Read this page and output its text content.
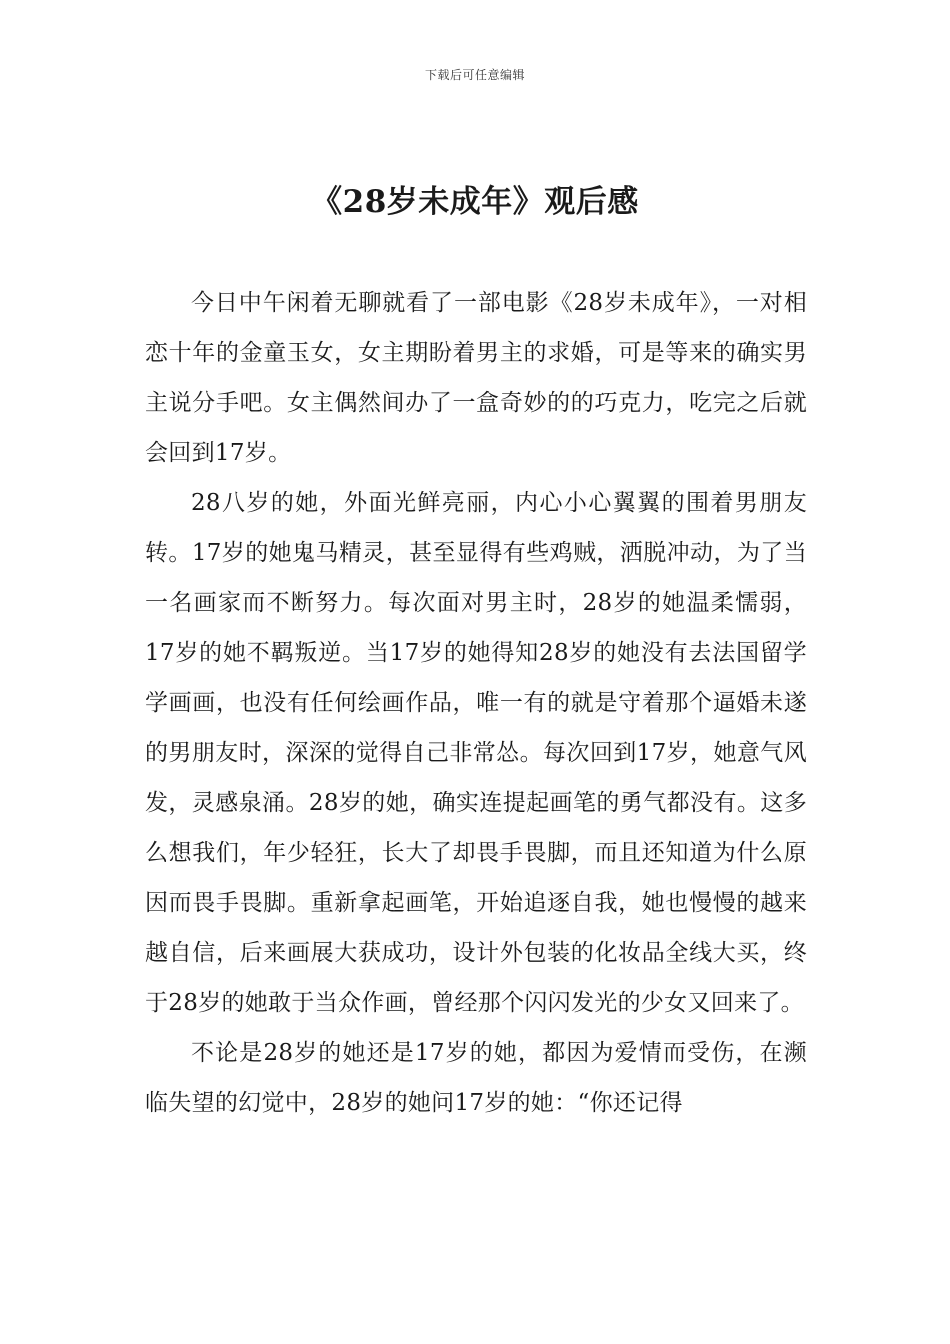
下载后可任意编辑
《28岁未成年》观后感

今日中午闲着无聊就看了一部电影《28岁未成年》，一对相恋十年的金童玉女，女主期盼着男主的求婚，可是等来的确实男主说分手吧。女主偶然间办了一盒奇妙的的巧克力，吃完之后就会回到17岁。

28八岁的她，外面光鲜亮丽，内心小心翼翼的围着男朋友转。17岁的她鬼马精灵，甚至显得有些鸡贼，洒脱冲动，为了当一名画家而不断努力。每次面对男主时，28岁的她温柔懦弱，17岁的她不羁叛逆。当17岁的她得知28岁的她没有去法国留学学画画，也没有任何绘画作品，唯一有的就是守着那个逼婚未遂的男朋友时，深深的觉得自己非常怂。每次回到17岁，她意气风发，灵感泉涌。28岁的她，确实连提起画笔的勇气都没有。这多么想我们，年少轻狂，长大了却畏手畏脚，而且还知道为什么原因而畏手畏脚。重新拿起画笔，开始追逐自我，她也慢慢的越来越自信，后来画展大获成功，设计外包装的化妆品全线大买，终于28岁的她敢于当众作画，曾经那个闪闪发光的少女又回来了。

不论是28岁的她还是17岁的她，都因为爱情而受伤，在濒临失望的幻觉中，28岁的她问17岁的她：“你还记得
